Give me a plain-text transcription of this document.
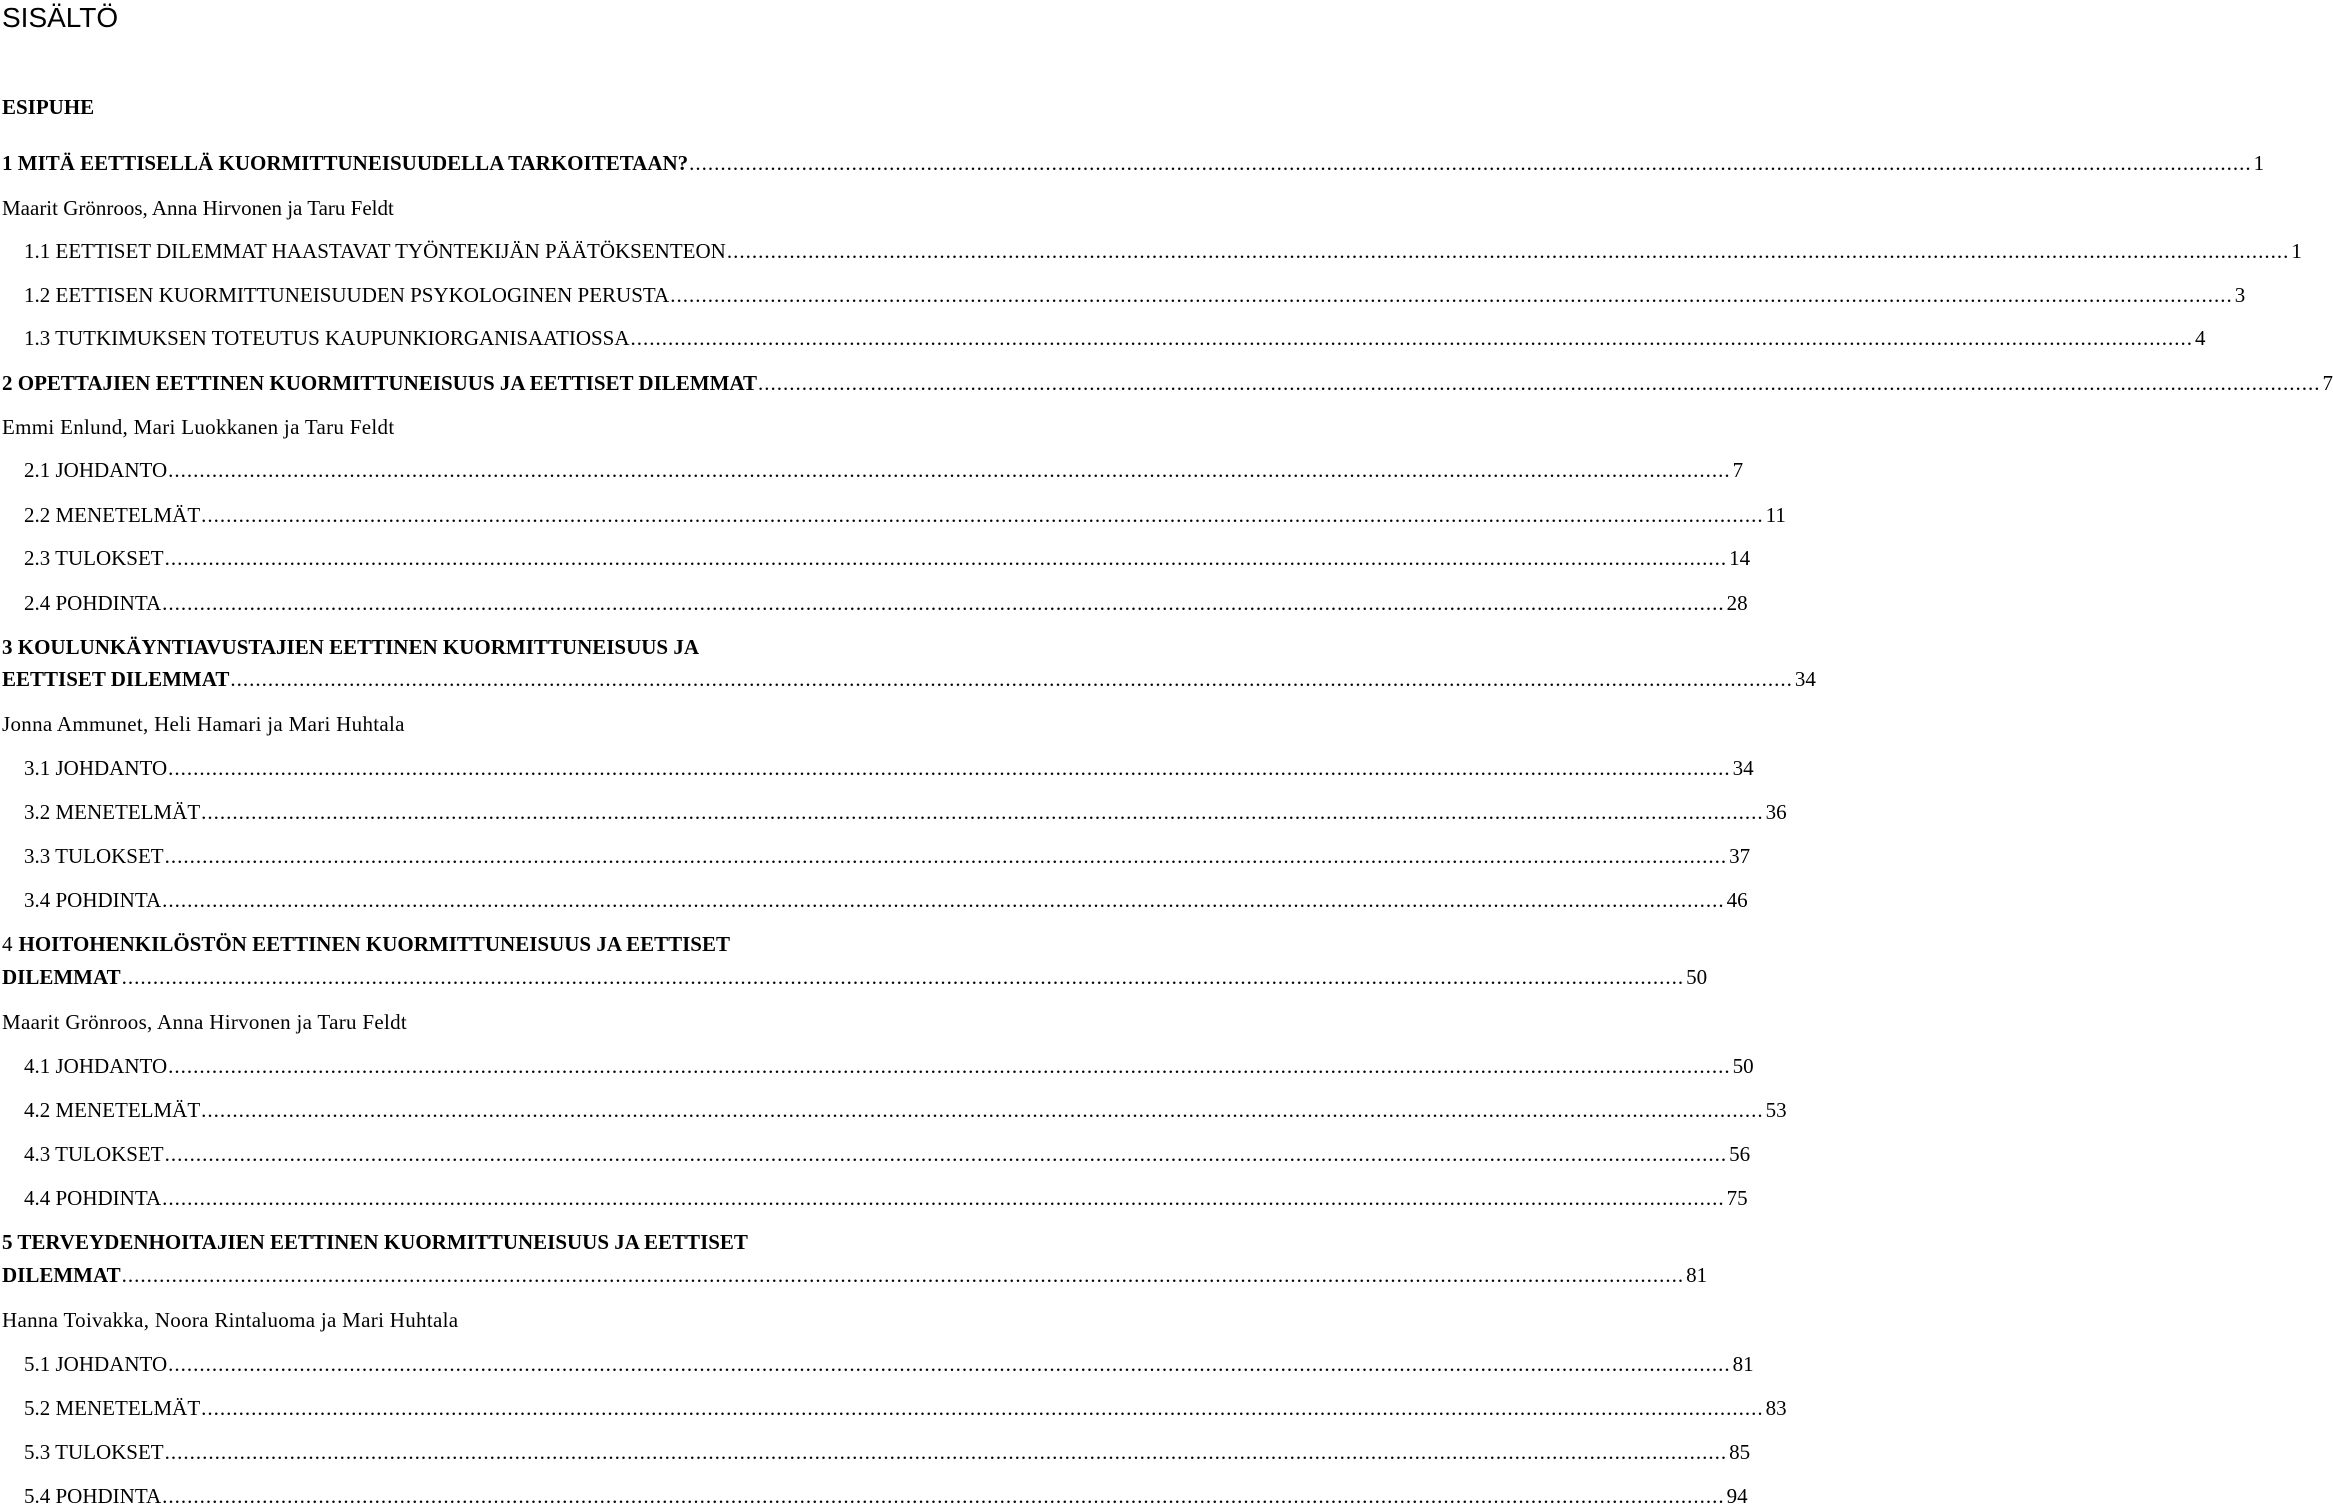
SISÄLTÖ
ESIPUHE
1 MITÄ EETTISELLÄ KUORMITTUNEISUUDELLA TARKOITETAAN? .......................................................................................................................................................................................................................................................... 1
Maarit Grönroos, Anna Hirvonen ja Taru Feldt
1.1 EETTISET DILEMMAT HAASTAVAT TYÖNTEKIJÄN PÄÄTÖKSENTEON .......................................................................................................................................................................................................................................................... 1
1.2 EETTISEN KUORMITTUNEISUUDEN PSYKOLOGINEN PERUSTA .......................................................................................................................................................................................................................................................... 3
1.3 TUTKIMUKSEN TOTEUTUS KAUPUNKIORGANISAATIOSSA .......................................................................................................................................................................................................................................................... 4
2 OPETTAJIEN EETTINEN KUORMITTUNEISUUS JA EETTISET DILEMMAT .......................................................................................................................................................................................................................................................... 7
Emmi Enlund, Mari Luokkanen ja Taru Feldt
2.1 JOHDANTO .......................................................................................................................................................................................................................................................... 7
2.2 MENETELMÄT .......................................................................................................................................................................................................................................................... 11
2.3 TULOKSET .......................................................................................................................................................................................................................................................... 14
2.4 POHDINTA .......................................................................................................................................................................................................................................................... 28
3 KOULUNKÄYNTIAVUSTAJIEN EETTINEN KUORMITTUNEISUUS JA
EETTISET DILEMMAT .......................................................................................................................................................................................................................................................... 34
Jonna Ammunet, Heli Hamari ja Mari Huhtala
3.1 JOHDANTO .......................................................................................................................................................................................................................................................... 34
3.2 MENETELMÄT .......................................................................................................................................................................................................................................................... 36
3.3 TULOKSET .......................................................................................................................................................................................................................................................... 37
3.4 POHDINTA .......................................................................................................................................................................................................................................................... 46
4 HOITOHENKILÖSTÖN EETTINEN KUORMITTUNEISUUS JA EETTISET
DILEMMAT .......................................................................................................................................................................................................................................................... 50
Maarit Grönroos, Anna Hirvonen ja Taru Feldt
4.1 JOHDANTO .......................................................................................................................................................................................................................................................... 50
4.2 MENETELMÄT .......................................................................................................................................................................................................................................................... 53
4.3 TULOKSET .......................................................................................................................................................................................................................................................... 56
4.4 POHDINTA .......................................................................................................................................................................................................................................................... 75
5 TERVEYDENHOITAJIEN EETTINEN KUORMITTUNEISUUS JA EETTISET
DILEMMAT .......................................................................................................................................................................................................................................................... 81
Hanna Toivakka, Noora Rintaluoma ja Mari Huhtala
5.1 JOHDANTO .......................................................................................................................................................................................................................................................... 81
5.2 MENETELMÄT .......................................................................................................................................................................................................................................................... 83
5.3 TULOKSET .......................................................................................................................................................................................................................................................... 85
5.4 POHDINTA .......................................................................................................................................................................................................................................................... 94
